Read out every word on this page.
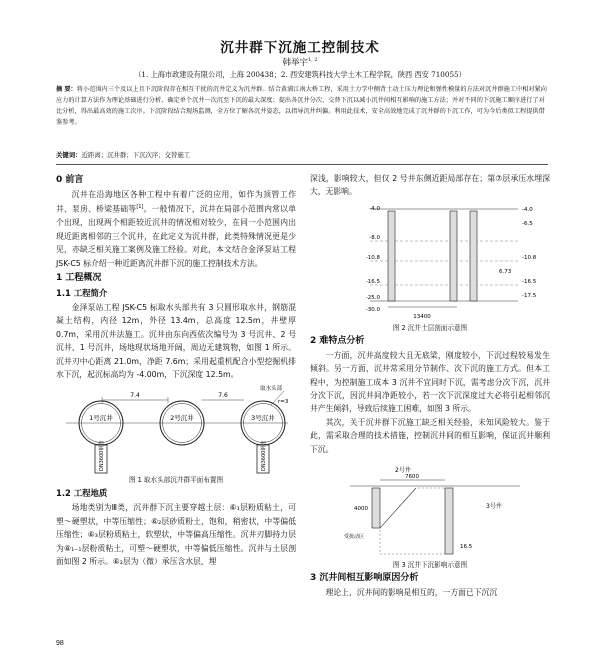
沉井群下沉施工控制技术
韩举宇$^{1, 2}$
（1. 上海市政建设有限公司，上海 200438；2. 西安建筑科技大学土木工程学院，陕西 西安 710055）
摘 要：将小范围内三个及以上且下沉阶段存在相互干扰的沉井定义为沉井群。结合黄浦江南大桥工程，采用土力学中侧背土动土压力理论和弹性模量的方法对沉井群施工中相对紧向应力的计算方法作为理论基础进行分析，确定单个沉井一次沉至下沉的最大深度；提出各沉井分次、交替下沉以减小沉井间相互影响的施工方法；并对不同的下沉施工顺序进行了对比分析，得出最高效的施工次序。下沉阶段结合现场监测，全方位了解各沉井姿态，以指导沉井纠偏。利用此技术，安全高效地完成了沉井群的下沉工作，可为今后类似工程提供借鉴参考。
关键词：近距离；沉井群；下沉次序；交替施工
0 前言

沉井在沿海地区各种工程中有着广泛的应用，如作为顶管工作井、泵房、桥梁基础等[1]。一般情况下，沉井在局部小范围内常以单个出现，出现两个相距较近沉井的情况相对较少，在同一小范围内出现近距离相邻的三个沉井，在此定义为沉井群，此类特殊情况更是少见，亦缺乏相关施工案例及施工经验。对此，本文结合金泽泵站工程 JSK-C5 标介绍一种近距离沉井群下沉的施工控制技术方法。

1 工程概况
1.1 工程简介

金泽泵站工程 JSK-C5 标取水头部共有 3 只圆形取水井，钢筋混凝土结构，内径 12m，外径 13.4m，总高度 12.5m，井壁厚 0.7m，采用沉井法施工。沉井由东向西依次编号为 3 号沉井、2 号沉井、1 号沉井，场地现状场地开阔，周边无建筑物，如图 1 所示。沉井刃中心距离 21.0m，净距 7.6m；采用起重机配合小型挖掘机排水下沉，起沉标高均为 -4.00m，下沉深度 12.5m。

7.4	7.6
1号沉井	2号沉井	3号沉井
DN3600钢管	DN3600钢管
取水头部
r=3
图 1 取水头部沉井群平面布置图
1.2 工程地质

场地类别为Ⅲ类，沉井群下沉主要穿越土层：⑥₁层粉质粘土，可塑～硬塑状，中等压缩性；⑥₂层砂质粉土，饱和，稍密状，中等偏低压缩性；⑥₃层粉质粘土，软塑状，中等偏高压缩性。沉井刃脚持力层为⑧₁₋₁层粉质粘土，可塑～硬塑状，中等偏低压缩性。沉井与土层剖面如图 2 所示。⑥₂层为（微）承压含水层，埋

深浅，影响较大，但仅 2 号井东侧近距局部存在；第⑦层承压水埋深大，无影响。
-4.0
-8.0
-10.8
-16.5
-25.0
-30.0
-4.0
-6.5
-10.8
-16.5
-17.5
6.73
13400
图 2 沉井土层剖面示意图
2 难特点分析

一方面，沉井高度较大且无底梁，刚度较小，下沉过程较易发生倾斜。另一方面，沉井常采用分节制作、次下沉的施工方式。但本工程中，为控制施工成本 3 沉井不宜同时下沉，需考虑分次下沉，沉井分次下沉，因沉井间净距较小，若一次下沉深度过大必将引起相邻沉井产生倾斜，导致后续施工困难，如图 3 所示。

其次，关于沉井群下沉施工缺乏相关经验，未知风险较大。鉴于此，需采取合理的技术措施，控制沉井间的相互影响，保证沉井顺利下沉。

2号井
3号井
7600
4000
16.5
受扰动区
图 3 沉井下沉影响示意图
3 沉井间相互影响原因分析

理论上，沉井间的影响是相互的，一方面已下沉沉

98
